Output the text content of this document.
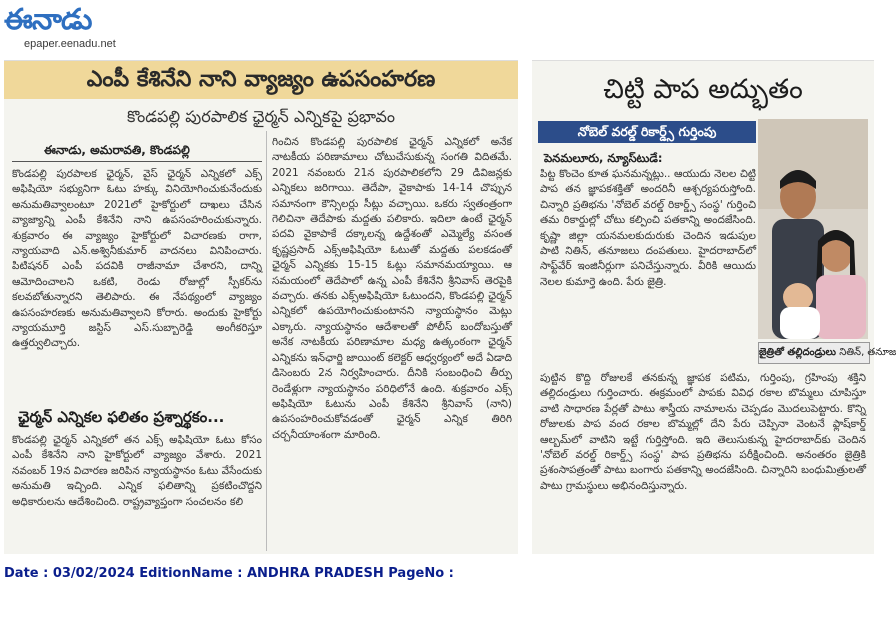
ఈనాడు
epaper.eenadu.net
ఎంపీ కేశినేని నాని వ్యాజ్యం ఉపసంహరణ
కొండపల్లి పురపాలిక ఛైర్మన్ ఎన్నికపై ప్రభావం
ఈనాడు, అమరావతి, కొండపల్లి
కొండపల్లి పురపాలక ఛైర్మన్, వైస్ ఛైర్మన్ ఎన్నికలో ఎక్స్ అఫిషియో సభ్యునిగా ఓటు హక్కు వినియోగించుకునేందుకు అనుమతివ్వాలంటూ 2021లో హైకోర్టులో దాఖలు చేసిన వ్యాజ్యాన్ని ఎంపీ కేశినేని నాని ఉపసంహరించుకున్నారు. శుక్రవారం ఈ వ్యాజ్యం హైకోర్టులో విచారణకు రాగా, న్యాయవాది ఎన్.అశ్వినీకుమార్ వాదనలు వినిపించారు. పిటిషనర్ ఎంపీ పదవికి రాజీనామా చేశారని, దాన్ని ఆమోదించాలని ఒకటి, రెండు రోజుల్లో స్పీకర్‌ను కలవబోతున్నారని తెలిపారు. ఈ నేపథ్యంలో వ్యాజ్యం ఉపసంహరణకు అనుమతివ్వాలని కోరారు. అందుకు హైకోర్టు న్యాయమూర్తి జస్టిస్ ఎస్.సుబ్బారెడ్డి అంగీకరిస్తూ ఉత్తర్వులిచ్చారు.
ఛైర్మన్ ఎన్నికల ఫలితం ప్రశ్నార్థకం...
కొండపల్లి ఛైర్మన్ ఎన్నికలో తన ఎక్స్ అఫిషియో ఓటు కోసం ఎంపీ కేశినేని నాని హైకోర్టులో వ్యాజ్యం వేశారు. 2021 నవంబర్ 19న విచారణ జరిపిన న్యాయస్థానం ఓటు వేసేందుకు అనుమతి ఇచ్చింది. ఎన్నిక ఫలితాన్ని ప్రకటించొద్దని అధికారులను ఆదేశించింది. రాష్ట్రవ్యాప్తంగా సంచలనం కలి
గించిన కొండపల్లి పురపాలిక ఛైర్మన్ ఎన్నికలో అనేక నాటకీయ పరిణామాలు చోటుచేసుకున్న సంగతి విదితమే. 2021 నవంబరు 21న పురపాలికలోని 29 డివిజన్లకు ఎన్నికలు జరిగాయి. తెదేపా, వైకాపాకు 14-14 చొప్పున సమానంగా కౌన్సిలర్లు సీట్లు వచ్చాయి. ఒకరు స్వతంత్రంగా గెలిచినా తెదేపాకు మద్దతు పలికారు. ఇదిలా ఉంటే ఛైర్మన్ పదవి వైకాపాకే దక్కాలన్న ఉద్దేశంతో ఎమ్మెల్యే వసంత కృష్ణప్రసాద్ ఎక్స్‌అఫిషియో ఓటుతో మద్దతు పలకడంతో ఛైర్మన్ ఎన్నికకు 15-15 ఓట్లు సమానమయ్యాయి. ఆ సమయంలో తెదేపాలో ఉన్న ఎంపీ కేశినేని శ్రీనివాస్ తెరపైకి వచ్చారు. తనకు ఎక్స్‌అఫిషియో ఓటుందని, కొండపల్లి ఛైర్మన్ ఎన్నికలో ఉపయోగించుకుంటానని న్యాయస్థానం మెట్లు ఎక్కారు. న్యాయస్థానం ఆదేశాలతో పోలీస్ బందోబస్తుతో అనేక నాటకీయ పరిణామాల మధ్య ఉత్కంఠంగా ఛైర్మన్ ఎన్నికను ఇన్‌ఛార్జి జాయింట్ కలెక్టర్ ఆధ్వర్యంలో అదే ఏడాది డిసెంబరు 2న నిర్వహించారు. దీనికి సంబంధించి తీర్పు రెండేళ్లుగా న్యాయస్థానం పరిధిలోనే ఉంది. శుక్రవారం ఎక్స్ అఫిషియో ఓటును ఎంపీ కేశినేని శ్రీనివాస్ (నాని) ఉపసంహరించుకోవడంతో ఛైర్మన్ ఎన్నిక తిరిగి చర్చనీయాంశంగా మారింది.
చిట్టి పాప అద్భుతం
నోబెల్ వరల్డ్ రికార్డ్స్ గుర్తింపు
పెనమలూరు, న్యూస్‌టుడే:
పిట్ట కొంచెం కూత ఘనమన్నట్లు.. ఆయుదు నెలల చిట్టి పాప తన జ్ఞాపకశక్తితో అందరినీ ఆశ్చర్యపరుస్తోంది. చిన్నారి ప్రతిభను 'నోబెల్ వరల్డ్ రికార్డ్స్ సంస్థ' గుర్తించి తమ రికార్డుల్లో చోటు కల్పించి పతకాన్ని అందజేసింది. కృష్ణా జిల్లా యనమలకుదురుకు చెందిన ఇడుపుల పాటి నితిన్, తనూజలు దంపతులు. హైదరాబాద్‌లో సాఫ్ట్‌వేర్ ఇంజినీర్లుగా పనిచేస్తున్నారు. వీరికి ఆయిదు నెలల కుమార్తె ఉంది. పేరు జైత్రి.
పుట్టిన కొద్ది రోజులకే తనకున్న జ్ఞాపక పటిమ, గుర్తింపు, గ్రహింపు శక్తిని తల్లిదండ్రులు గుర్తించారు. ఈక్రమంలో పాపకు వివిధ రకాల బొమ్మలు చూపిస్తూ వాటి సాధారణ పేర్లతో పాటు శాస్త్రీయ నామాలను చెప్పడం మొదలుపెట్టారు. కొన్ని రోజులకు పాప వంద రకాల బొమ్మల్లో దేని పేరు చెప్పినా వెంటనే ఫ్లాష్‌కార్డ్ ఆల్బమ్‌లో వాటిని ఇట్టే గుర్తిస్తోంది. ఇది తెలుసుకున్న హైదరాబాద్‌కు చెందిన 'నోబెల్ వరల్డ్ రికార్డ్స్ సంస్థ' పాప ప్రతిభను పరీక్షించింది. అనంతరం జైత్రికి ప్రశంసాపత్రంతో పాటు బంగారు పతకాన్ని అందజేసింది. చిన్నారిని బంధుమిత్రులతో పాటు గ్రామస్థులు అభినందిస్తున్నారు.
జైత్రితో తల్లిదండ్రులు నితిన్, తనూజ
Date : 03/02/2024 EditionName : ANDHRA PRADESH PageNo :
